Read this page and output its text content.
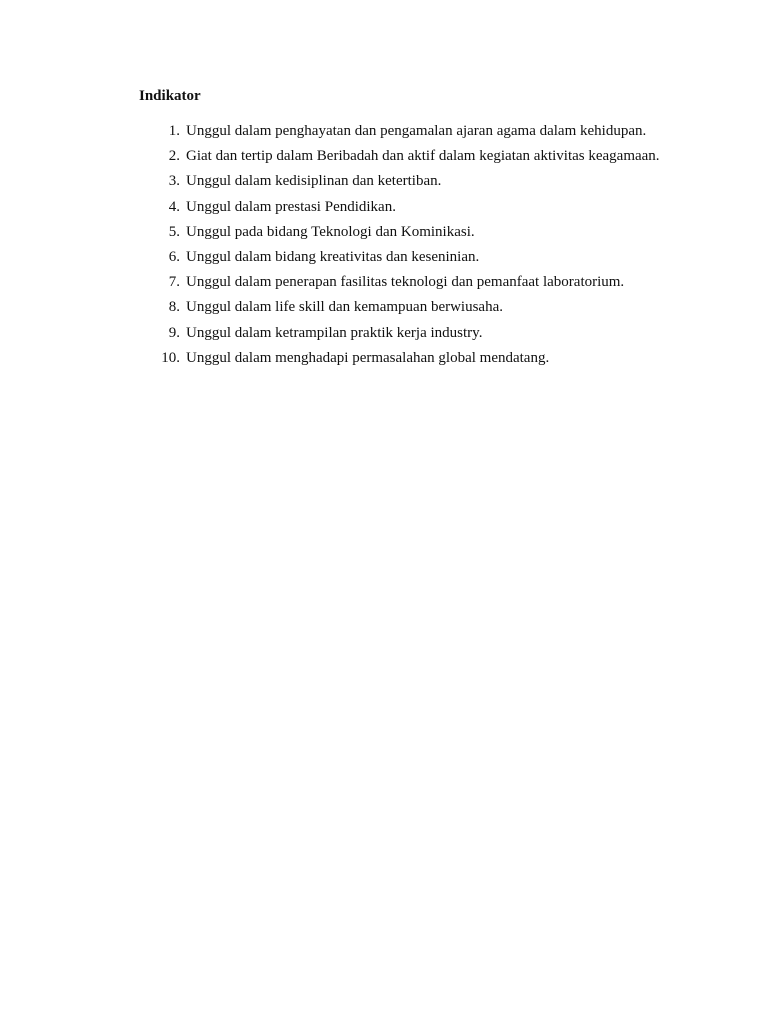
Indikator

1. Unggul dalam penghayatan dan pengamalan ajaran agama dalam kehidupan.
2. Giat dan tertip dalam Beribadah dan aktif dalam kegiatan aktivitas keagamaan.
3. Unggul dalam kedisiplinan dan ketertiban.
4. Unggul dalam prestasi Pendidikan.
5. Unggul pada bidang Teknologi dan Kominikasi.
6. Unggul dalam bidang kreativitas dan keseninian.
7. Unggul dalam penerapan fasilitas teknologi dan pemanfaat laboratorium.
8. Unggul dalam life skill dan kemampuan berwiusaha.
9. Unggul dalam ketrampilan praktik kerja industry.
10. Unggul dalam menghadapi permasalahan global mendatang.
